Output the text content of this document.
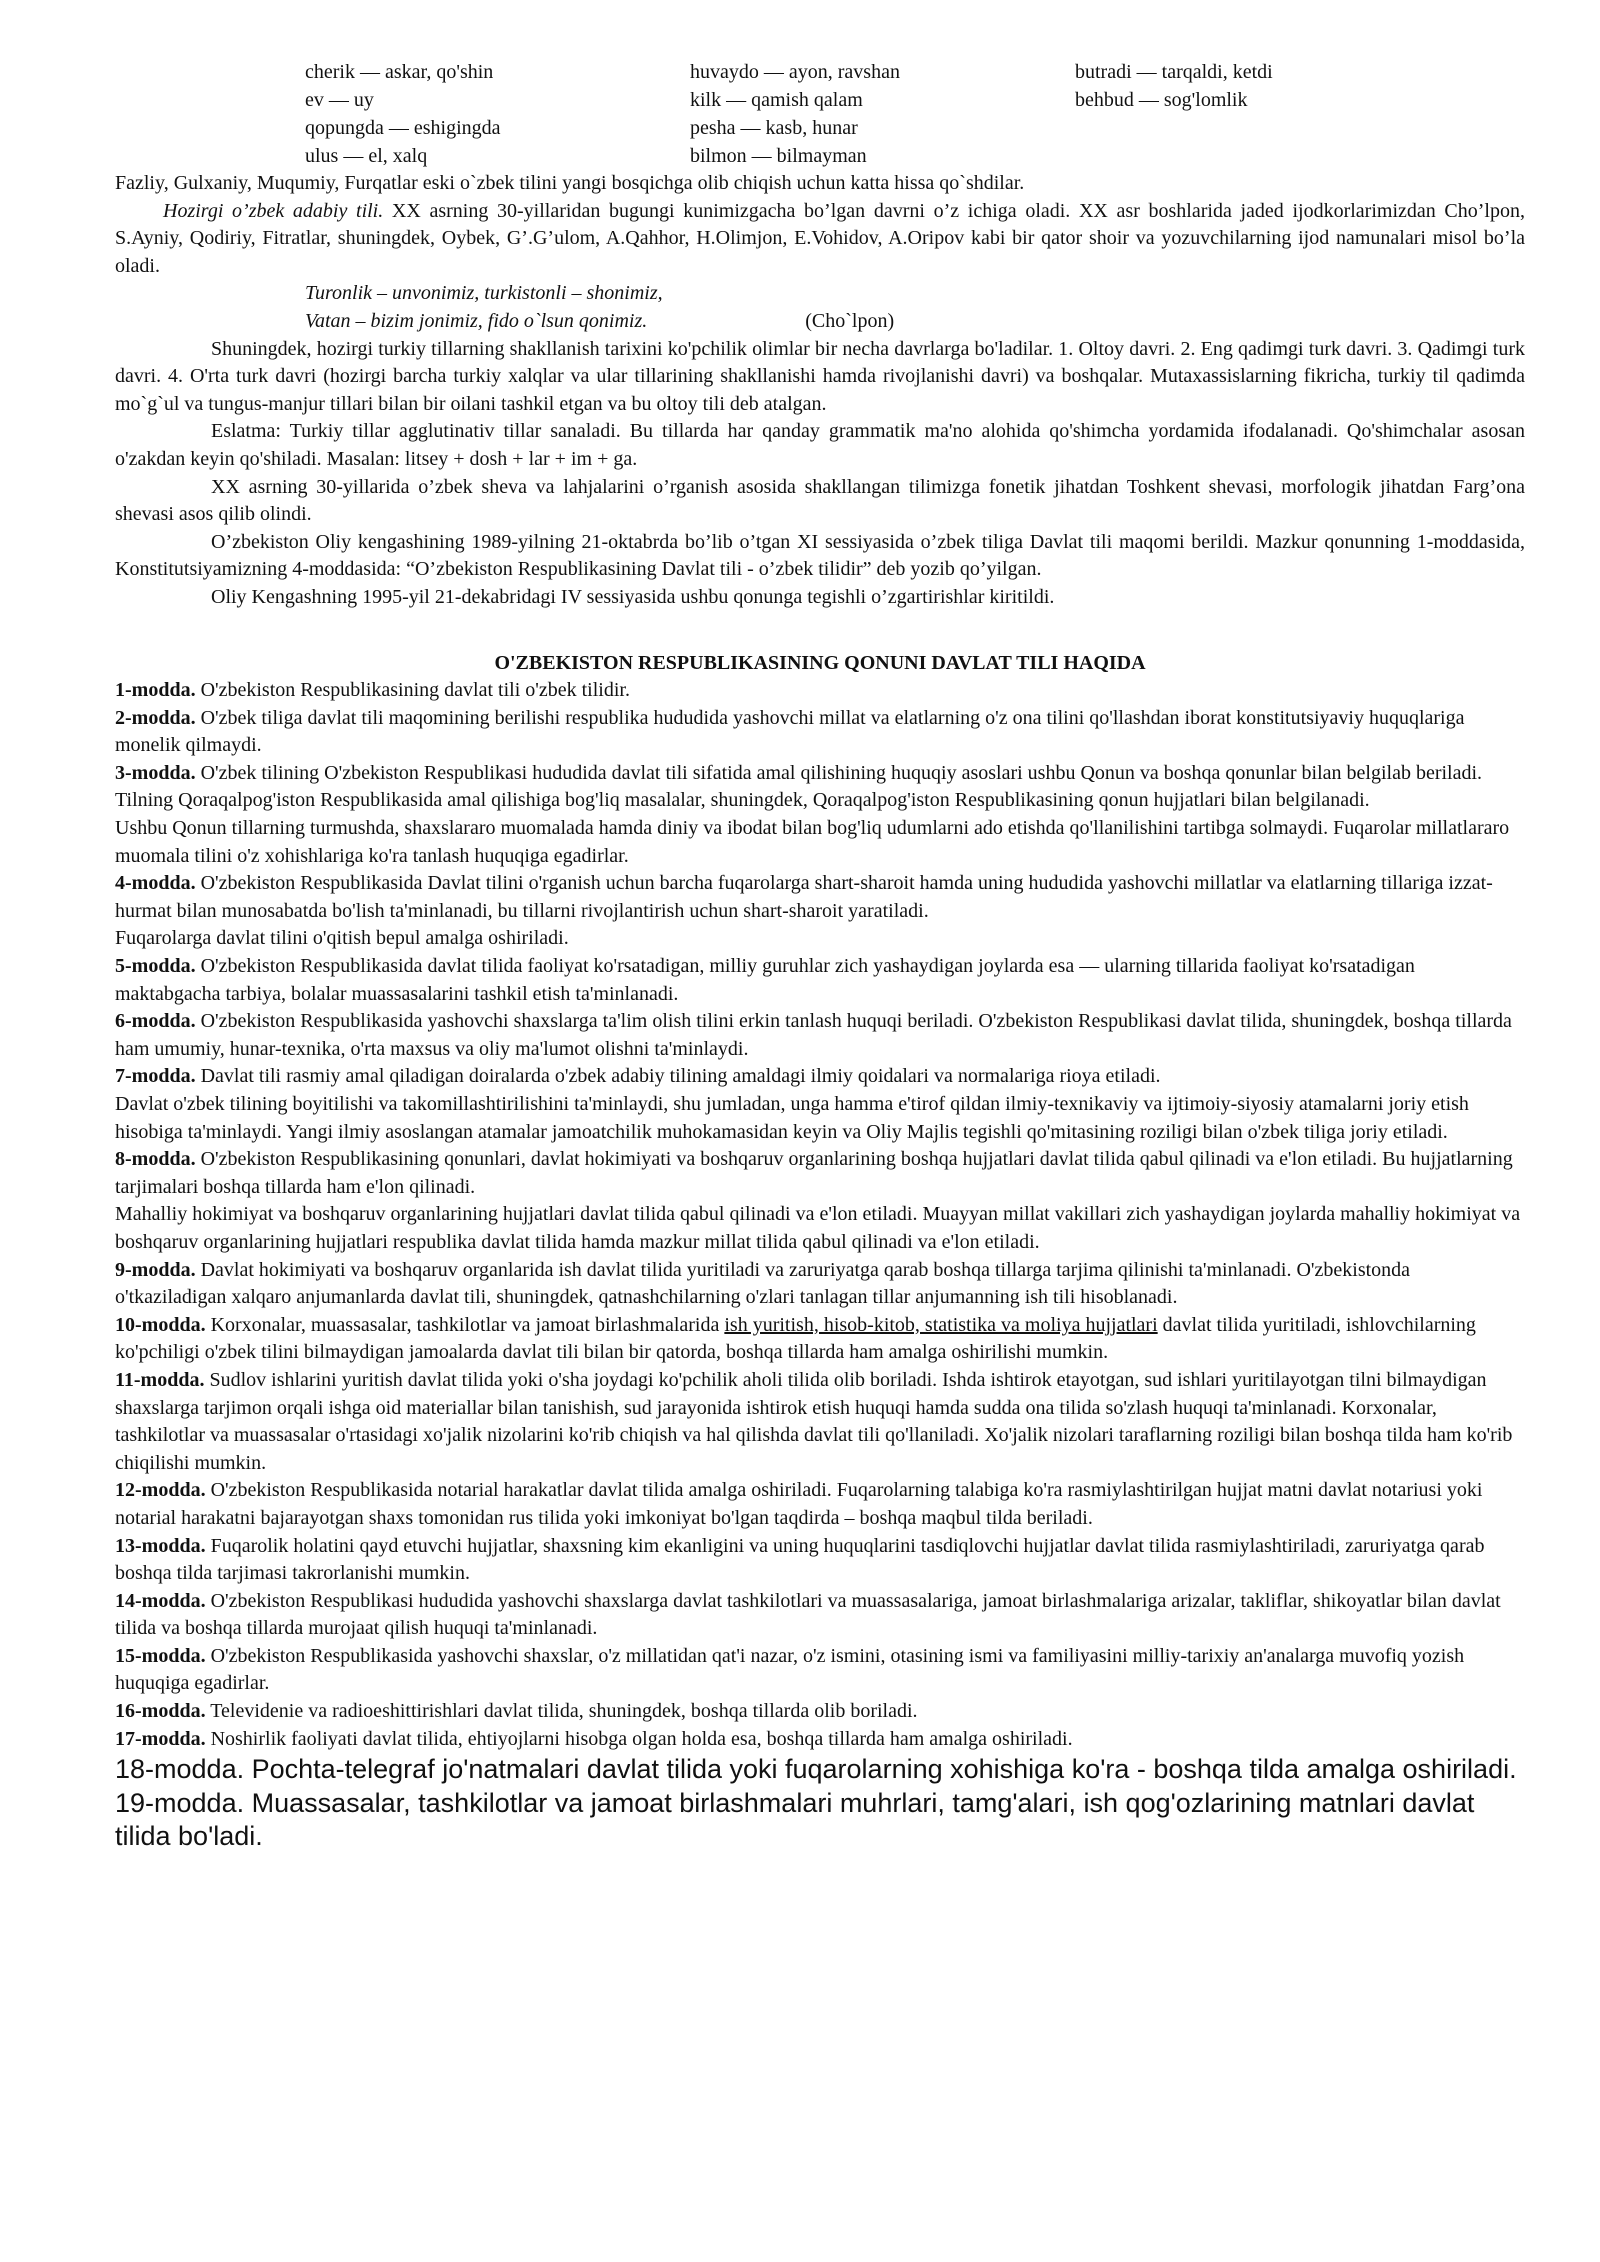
cherik — askar, qo'shin	huvaydo — ayon, ravshan	butradi — tarqaldi, ketdi
ev — uy	kilk — qamish qalam	behbud — sog'lomlik
qopungda — eshigingda	pesha — kasb, hunar
ulus — el, xalq	bilmon — bilmayman

Fazliy, Gulxaniy, Muqumiy, Furqatlar eski o`zbek tilini yangi bosqichga olib chiqish uchun katta hissa qo`shdilar.

Hozirgi o’zbek adabiy tili. XX asrning 30-yillaridan bugungi kunimizgacha bo’lgan davrni o’z ichiga oladi. XX asr boshlarida jaded ijodkorlarimizdan Cho’lpon, S.Ayniy, Qodiriy, Fitratlar, shuningdek, Oybek, G’.G’ulom, A.Qahhor, H.Olimjon, E.Vohidov, A.Oripov kabi bir qator shoir va yozuvchilarning ijod namunalari misol bo’la oladi.

Turonlik – unvonimiz, turkistonli – shonimiz,
Vatan – bizim jonimiz, fido o`lsun qonimiz.	(Cho`lpon)

Shuningdek, hozirgi turkiy tillarning shakllanish tarixini ko'pchilik olimlar bir necha davrlarga bo'ladilar. 1. Oltoy davri. 2. Eng qadimgi turk davri. 3. Qadimgi turk davri. 4. O'rta turk davri (hozirgi barcha turkiy xalqlar va ular tillarining shakllanishi hamda rivojlanishi davri) va boshqalar. Mutaxassislarning fikricha, turkiy til qadimda mo`g`ul va tungus-manjur tillari bilan bir oilani tashkil etgan va bu oltoy tili deb atalgan.

Eslatma: Turkiy tillar agglutinativ tillar sanaladi. Bu tillarda har qanday grammatik ma'no alohida qo'shimcha yordamida ifodalanadi. Qo'shimchalar asosan o'zakdan keyin qo'shiladi. Masalan: litsey + dosh + lar + im + ga.

XX asrning 30-yillarida o’zbek sheva va lahjalarini o’rganish asosida shakllangan tilimizga fonetik jihatdan Toshkent shevasi, morfologik jihatdan Farg’ona shevasi asos qilib olindi.

O’zbekiston Oliy kengashining 1989-yilning 21-oktabrda bo’lib o’tgan XI sessiyasida o’zbek tiliga Davlat tili maqomi berildi. Mazkur qonunning 1-moddasida, Konstitutsiyamizning 4-moddasida: “O’zbekiston Respublikasining Davlat tili - o’zbek tilidir” deb yozib qo’yilgan.

Oliy Kengashning 1995-yil 21-dekabridagi IV sessiyasida ushbu qonunga tegishli o’zgartirishlar kiritildi.

O'ZBEKISTON RESPUBLIKASINING QONUNI DAVLAT TILI HAQIDA

1-modda. O'zbekiston Respublikasining davlat tili o'zbek tilidir.

2-modda. O'zbek tiliga davlat tili maqomining berilishi respublika hududida yashovchi millat va elatlarning o'z ona tilini qo'llashdan iborat konstitutsiyaviy huquqlariga monelik qilmaydi.

3-modda. O'zbek tilining O'zbekiston Respublikasi hududida davlat tili sifatida amal qilishining huquqiy asoslari ushbu Qonun va boshqa qonunlar bilan belgilab beriladi. Tilning Qoraqalpog'iston Respublikasida amal qilishiga bog'liq masalalar, shuningdek, Qoraqalpog'iston Respublikasining qonun hujjatlari bilan belgilanadi.

Ushbu Qonun tillarning turmushda, shaxslararo muomalada hamda diniy va ibodat bilan bog'liq udumlarni ado etishda qo'llanilishini tartibga solmaydi. Fuqarolar millatlararo muomala tilini o'z xohishlariga ko'ra tanlash huquqiga egadirlar.

4-modda. O'zbekiston Respublikasida Davlat tilini o'rganish uchun barcha fuqarolarga shart-sharoit hamda uning hududida yashovchi millatlar va elatlarning tillariga izzat-hurmat bilan munosabatda bo'lish ta'minlanadi, bu tillarni rivojlantirish uchun shart-sharoit yaratiladi.

Fuqarolarga davlat tilini o'qitish bepul amalga oshiriladi.

5-modda. O'zbekiston Respublikasida davlat tilida faoliyat ko'rsatadigan, milliy guruhlar zich yashaydigan joylarda esa — ularning tillarida faoliyat ko'rsatadigan maktabgacha tarbiya, bolalar muassasalarini tashkil etish ta'minlanadi.

6-modda. O'zbekiston Respublikasida yashovchi shaxslarga ta'lim olish tilini erkin tanlash huquqi beriladi. O'zbekiston Respublikasi davlat tilida, shuningdek, boshqa tillarda ham umumiy, hunar-texnika, o'rta maxsus va oliy ma'lumot olishni ta'minlaydi.

7-modda. Davlat tili rasmiy amal qiladigan doiralarda o'zbek adabiy tilining amaldagi ilmiy qoidalari va normalariga rioya etiladi.

Davlat o'zbek tilining boyitilishi va takomillashtirilishini ta'minlaydi, shu jumladan, unga hamma e'tirof qildan ilmiy-texnikaviy va ijtimoiy-siyosiy atamalarni joriy etish hisobiga ta'minlaydi. Yangi ilmiy asoslangan atamalar jamoatchilik muhokamasidan keyin va Oliy Majlis tegishli qo'mitasining roziligi bilan o'zbek tiliga joriy etiladi.

8-modda. O'zbekiston Respublikasining qonunlari, davlat hokimiyati va boshqaruv organlarining boshqa hujjatlari davlat tilida qabul qilinadi va e'lon etiladi. Bu hujjatlarning tarjimalari boshqa tillarda ham e'lon qilinadi.

Mahalliy hokimiyat va boshqaruv organlarining hujjatlari davlat tilida qabul qilinadi va e'lon etiladi. Muayyan millat vakillari zich yashaydigan joylarda mahalliy hokimiyat va boshqaruv organlarining hujjatlari respublika davlat tilida hamda mazkur millat tilida qabul qilinadi va e'lon etiladi.

9-modda. Davlat hokimiyati va boshqaruv organlarida ish davlat tilida yuritiladi va zaruriyatga qarab boshqa tillarga tarjima qilinishi ta'minlanadi. O'zbekistonda o'tkaziladigan xalqaro anjumanlarda davlat tili, shuningdek, qatnashchilarning o'zlari tanlagan tillar anjumanning ish tili hisoblanadi.

10-modda. Korxonalar, muassasalar, tashkilotlar va jamoat birlashmalarida ish yuritish, hisob-kitob, statistika va moliya hujjatlari davlat tilida yuritiladi, ishlovchilarning ko'pchiligi o'zbek tilini bilmaydigan jamoalarda davlat tili bilan bir qatorda, boshqa tillarda ham amalga oshirilishi mumkin.

11-modda. Sudlov ishlarini yuritish davlat tilida yoki o'sha joydagi ko'pchilik aholi tilida olib boriladi. Ishda ishtirok etayotgan, sud ishlari yuritilayotgan tilni bilmaydigan shaxslarga tarjimon orqali ishga oid materiallar bilan tanishish, sud jarayonida ishtirok etish huquqi hamda sudda ona tilida so'zlash huquqi ta'minlanadi. Korxonalar, tashkilotlar va muassasalar o'rtasidagi xo'jalik nizolarini ko'rib chiqish va hal qilishda davlat tili qo'llaniladi. Xo'jalik nizolari taraflarning roziligi bilan boshqa tilda ham ko'rib chiqilishi mumkin.

12-modda. O'zbekiston Respublikasida notarial harakatlar davlat tilida amalga oshiriladi. Fuqarolarning talabiga ko'ra rasmiylashtirilgan hujjat matni davlat notariusi yoki notarial harakatni bajarayotgan shaxs tomonidan rus tilida yoki imkoniyat bo'lgan taqdirda – boshqa maqbul tilda beriladi.

13-modda. Fuqarolik holatini qayd etuvchi hujjatlar, shaxsning kim ekanligini va uning huquqlarini tasdiqlovchi hujjatlar davlat tilida rasmiylashtiriladi, zaruriyatga qarab boshqa tilda tarjimasi takrorlanishi mumkin.

14-modda. O'zbekiston Respublikasi hududida yashovchi shaxslarga davlat tashkilotlari va muassasalariga, jamoat birlashmalariga arizalar, takliflar, shikoyatlar bilan davlat tilida va boshqa tillarda murojaat qilish huquqi ta'minlanadi.

15-modda. O'zbekiston Respublikasida yashovchi shaxslar, o'z millatidan qat'i nazar, o'z ismini, otasining ismi va familiyasini milliy-tarixiy an'analarga muvofiq yozish huquqiga egadirlar.

16-modda. Televidenie va radioeshittirishlari davlat tilida, shuningdek, boshqa tillarda olib boriladi.

17-modda. Noshirlik faoliyati davlat tilida, ehtiyojlarni hisobga olgan holda esa, boshqa tillarda ham amalga oshiriladi.

18-modda. Pochta-telegraf jo'natmalari davlat tilida yoki fuqarolarning xohishiga ko'ra - boshqa tilda amalga oshiriladi.

19-modda. Muassasalar, tashkilotlar va jamoat birlashmalari muhrlari, tamg'alari, ish qog'ozlarining matnlari davlat tilida bo'ladi.
